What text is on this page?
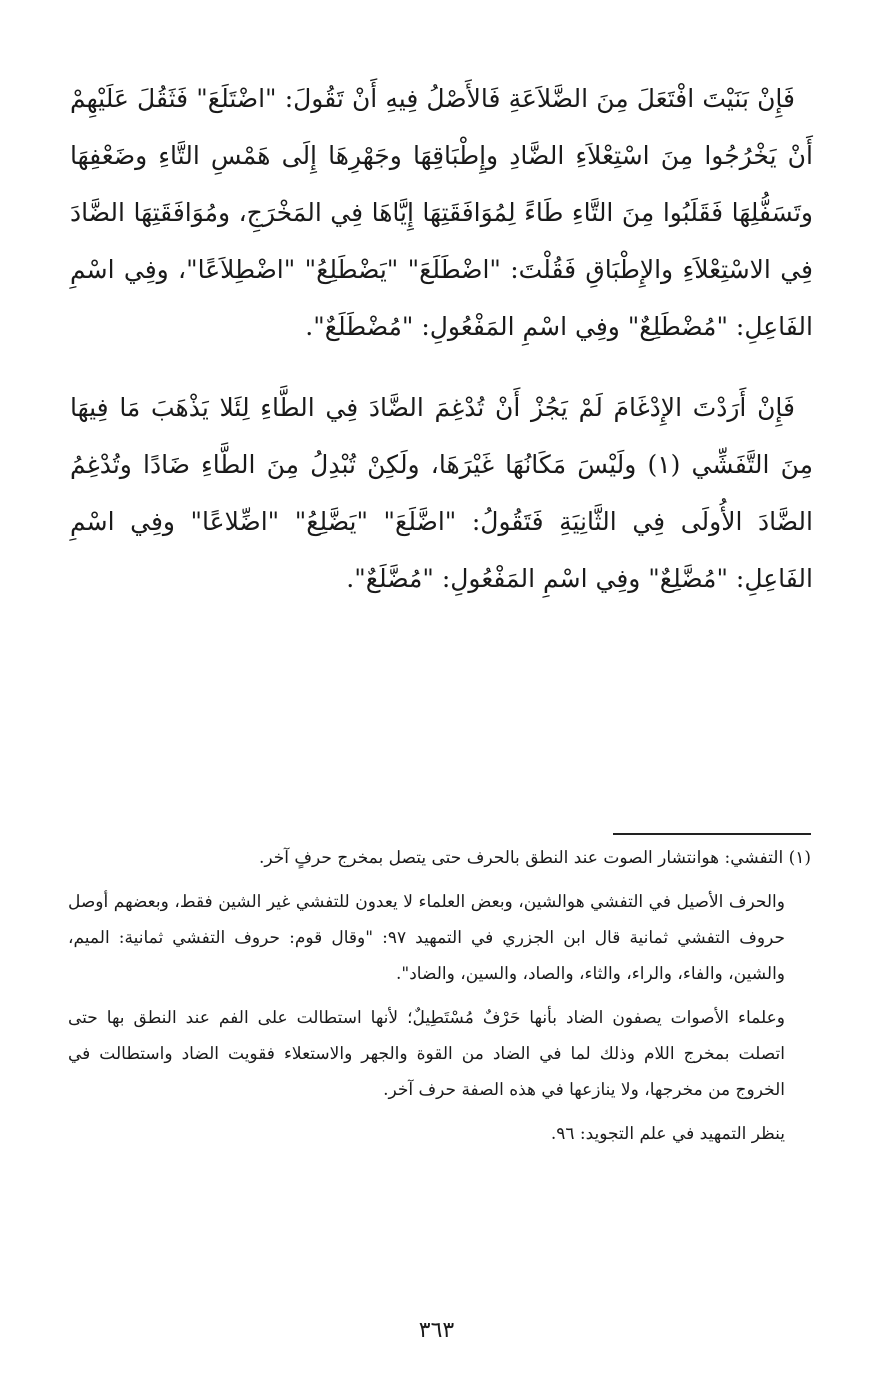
فَإِنْ بَنَيْتَ افْتَعَلَ مِنَ الضَّلاَعَةِ فَالأَصْلُ فِيهِ أَنْ تَقُولَ: "اضْتَلَعَ" فَثَقُلَ عَلَيْهِمْ أَنْ يَخْرُجُوا مِنَ اسْتِعْلاَءِ الضَّادِ وإِطْبَاقِهَا وجَهْرِهَا إِلَى هَمْسِ التَّاءِ وضَعْفِهَا وتَسَفُّلِهَا فَقَلَبُوا مِنَ التَّاءِ طَاءً لِمُوَافَقَتِهَا إِيَّاهَا فِي المَخْرَجِ، ومُوَافَقَتِهَا الضَّادَ فِي الاسْتِعْلاَءِ والإِطْبَاقِ فَقُلْتَ: "اضْطَلَعَ" "يَضْطَلِعُ" "اضْطِلاَعًا"، وفِي اسْمِ الفَاعِلِ: "مُضْطَلِعٌ" وفِي اسْمِ المَفْعُولِ: "مُضْطَلَعٌ".

فَإِنْ أَرَدْتَ الإِدْغَامَ لَمْ يَجُزْ أَنْ تُدْغِمَ الضَّادَ فِي الطَّاءِ لِئَلا يَذْهَبَ مَا فِيهَا مِنَ التَّفَشِّي (١) ولَيْسَ مَكَانُهَا غَيْرَهَا، ولَكِنْ تُبْدِلُ مِنَ الطَّاءِ ضَادًا وتُدْغِمُ الضَّادَ الأُولَى فِي الثَّانِيَةِ فَتَقُولُ: "اضَّلَعَ" "يَضَّلِعُ" "اضِّلاعًا" وفِي اسْمِ الفَاعِلِ: "مُضَّلِعٌ" وفِي اسْمِ المَفْعُولِ: "مُضَّلَعٌ".

(١) التفشي: هوانتشار الصوت عند النطق بالحرف حتى يتصل بمخرج حرفٍ آخر.

والحرف الأصيل في التفشي هوالشين، وبعض العلماء لا يعدون للتفشي غير الشين فقط، وبعضهم أوصل حروف التفشي ثمانية قال ابن الجزري في التمهيد ٩٧: "وقال قوم: حروف التفشي ثمانية: الميم، والشين، والفاء، والراء، والثاء، والصاد، والسين، والضاد".

وعلماء الأصوات يصفون الضاد بأنها حَرْفٌ مُسْتَطِيلٌ؛ لأنها استطالت على الفم عند النطق بها حتى اتصلت بمخرج اللام وذلك لما في الضاد من القوة والجهر والاستعلاء فقويت الضاد واستطالت في الخروج من مخرجها، ولا ينازعها في هذه الصفة حرف آخر.

ينظر التمهيد في علم التجويد: ٩٦.

٣٦٣
